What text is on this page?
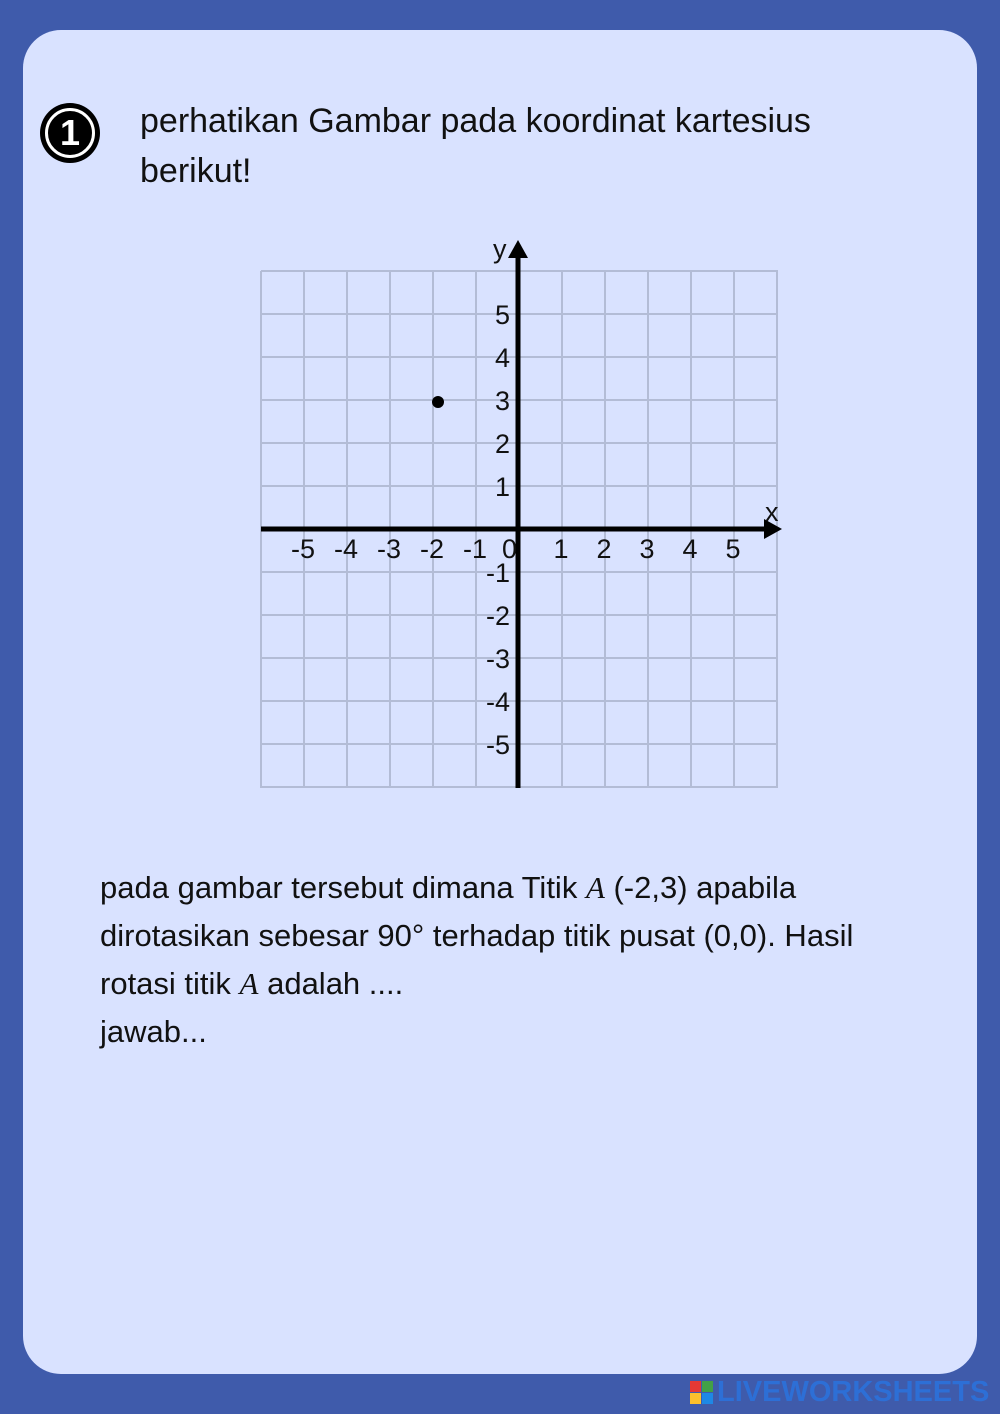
1	perhatikan Gambar pada koordinat kartesius berikut!
x
y
-5 -4 -3 -2 -1 0 1 2 3 4 5
5
4
3
2
1
-1
-2
-3
-4
-5
pada gambar tersebut dimana Titik A (-2,3) apabila dirotasikan sebesar 90° terhadap titik pusat (0,0). Hasil rotasi titik A adalah ....
jawab...
LIVEWORKSHEETS
